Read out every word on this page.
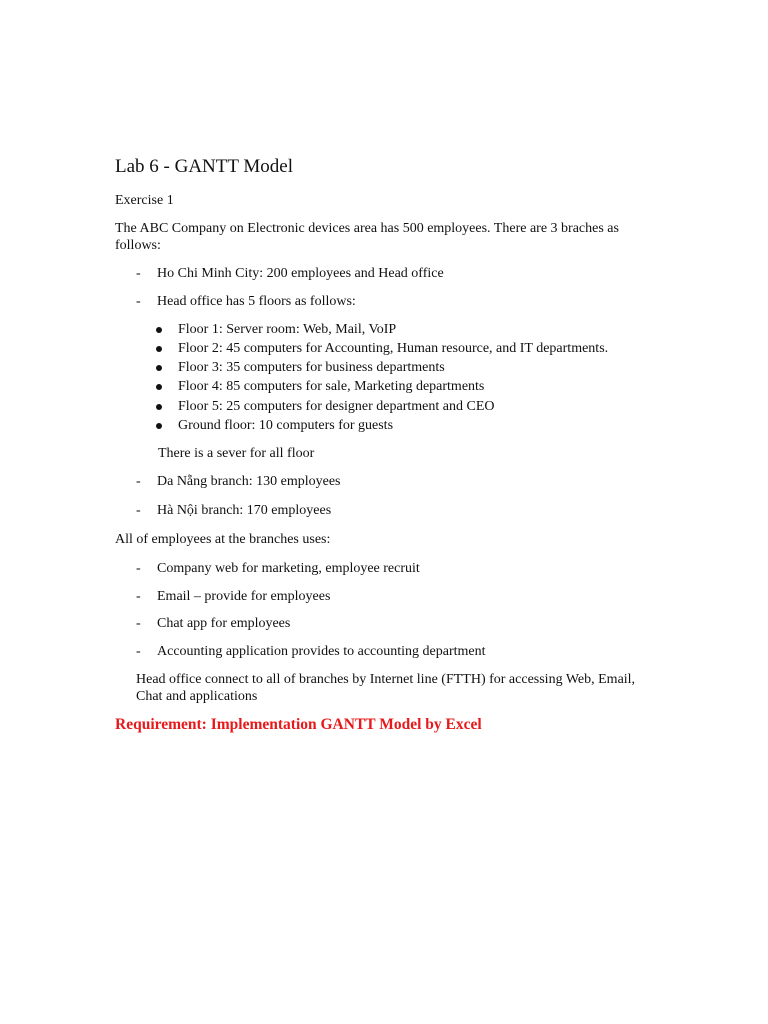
Lab 6 - GANTT Model
Exercise 1
The ABC Company on Electronic devices area has 500 employees. There are 3 braches as follows:
- Ho Chi Minh City: 200 employees and Head office
- Head office has 5 floors as follows:
Floor 1: Server room: Web, Mail, VoIP
Floor 2: 45 computers for Accounting, Human resource, and IT departments.
Floor 3: 35 computers for business departments
Floor 4: 85 computers for sale, Marketing departments
Floor 5: 25 computers for designer department and CEO
Ground floor: 10 computers for guests
There is a sever for all floor
- Da Nẵng branch: 130 employees
- Hà Nội branch: 170 employees
All of employees at the branches uses:
- Company web for marketing, employee recruit
- Email – provide for employees
- Chat app for employees
- Accounting application provides to accounting department
Head office connect to all of branches by Internet line (FTTH) for accessing Web, Email, Chat and applications
Requirement: Implementation GANTT Model by Excel
